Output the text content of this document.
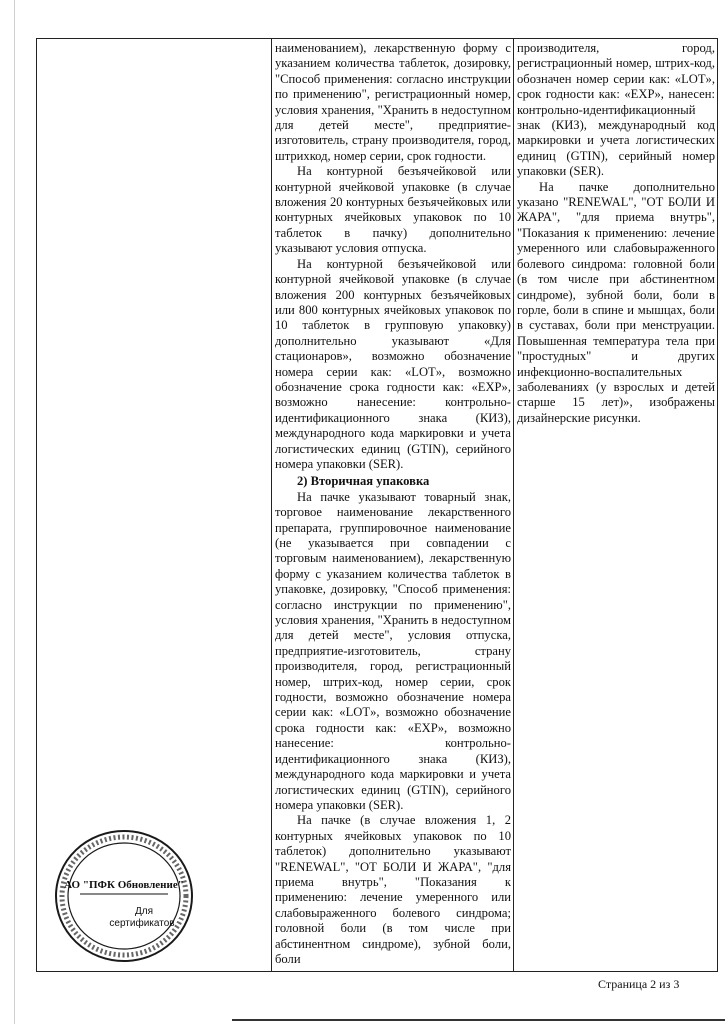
наименованием), лекарственную форму с указанием количества таблеток, дозировку, "Способ применения: согласно инструкции по применению", регистрационный номер, условия хранения, "Хранить в недоступном для детей месте", предприятие-изготовитель, страну производителя, город, штрихкод, номер серии, срок годности.

На контурной безъячейковой или контурной ячейковой упаковке (в случае вложения 20 контурных безъячейковых или контурных ячейковых упаковок по 10 таблеток в пачку) дополнительно указывают условия отпуска.

На контурной безъячейковой или контурной ячейковой упаковке (в случае вложения 200 контурных безъячейковых или 800 контурных ячейковых упаковок по 10 таблеток в групповую упаковку) дополнительно указывают «Для стационаров», возможно обозначение номера серии как: «LOT», возможно обозначение срока годности как: «EXP», возможно нанесение: контрольно-идентификационного знака (КИЗ), международного кода маркировки и учета логистических единиц (GTIN), серийного номера упаковки (SER).

2) Вторичная упаковка

На пачке указывают товарный знак, торговое наименование лекарственного препарата, группировочное наименование (не указывается при совпадении с торговым наименованием), лекарственную форму с указанием количества таблеток в упаковке, дозировку, "Способ применения: согласно инструкции по применению", условия хранения, "Хранить в недоступном для детей месте", условия отпуска, предприятие-изготовитель, страну производителя, город, регистрационный номер, штрих-код, номер серии, срок годности, возможно обозначение номера серии как: «LOT», возможно обозначение срока годности как: «EXP», возможно нанесение: контрольно-идентификационного знака (КИЗ), международного кода маркировки и учета логистических единиц (GTIN), серийного номера упаковки (SER).

На пачке (в случае вложения 1, 2 контурных ячейковых упаковок по 10 таблеток) дополнительно указывают "RENEWAL", "ОТ БОЛИ И ЖАРА", "для приема внутрь", "Показания к применению: лечение умеренного или слабовыраженного болевого синдрома; головной боли (в том числе при абстинентном синдроме), зубной боли, боли

производителя, город, регистрационный номер, штрих-код, обозначен номер серии как: «LOT», срок годности как: «EXP», нанесен: контрольно-идентификационный знак (КИЗ), международный код маркировки и учета логистических единиц (GTIN), серийный номер упаковки (SER).

На пачке дополнительно указано "RENEWAL", "ОТ БОЛИ И ЖАРА", "для приема внутрь", "Показания к применению: лечение умеренного или слабовыраженного болевого синдрома: головной боли (в том числе при абстинентном синдроме), зубной боли, боли в горле, боли в спине и мышцах, боли в суставах, боли при менструации. Повышенная температура тела при "простудных" и других инфекционно-воспалительных заболеваниях (у взрослых и детей старше 15 лет)», изображены дизайнерские рисунки.

АО "ПФК Обновление"
Для
сертификатов
Страница 2 из 3
